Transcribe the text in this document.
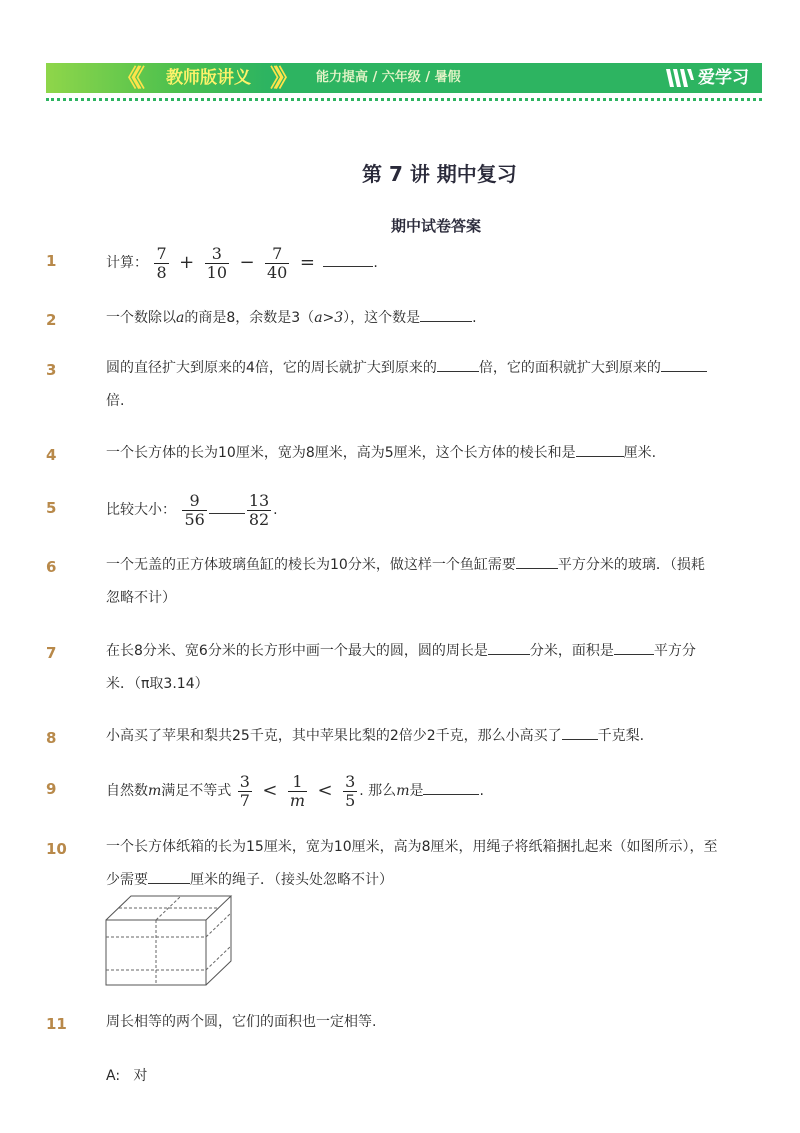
《《 教师版讲义 》》 能力提高 / 六年级 / 暑假	爱学习
第 7 讲 期中复习
期中试卷答案
1	计算： $\frac{7}{8} + \frac{3}{10} - \frac{7}{40}$ =	.
2	一个数除以a的商是8，余数是3（a>3），这个数是	.
3	圆的直径扩大到原来的4倍，它的周长就扩大到原来的	倍，它的面积就扩大到原来的倍.
4	一个长方体的长为10厘米，宽为8厘米，高为5厘米，这个长方体的棱长和是	厘米.
5	比较大小： $\frac{9}{56}$	$\frac{13}{82}$ .
6	一个无盖的正方体玻璃鱼缸的棱长为10分米，做这样一个鱼缸需要	平方分米的玻璃．（损耗忽略不计）
7	在长8分米、宽6分米的长方形中画一个最大的圆，圆的周长是	分米，面积是	平方分米．（π取3.14）
8	小高买了苹果和梨共25千克，其中苹果比梨的2倍少2千克，那么小高买了	千克梨.
9	自然数m满足不等式 $\frac{3}{7} < \frac{1}{m} < \frac{3}{5}$ . 那么m是	.
10	一个长方体纸箱的长为15厘米，宽为10厘米，高为8厘米，用绳子将纸箱捆扎起来（如图所示），至少需要	厘米的绳子．（接头处忽略不计）
11	周长相等的两个圆，它们的面积也一定相等.
A: 对
